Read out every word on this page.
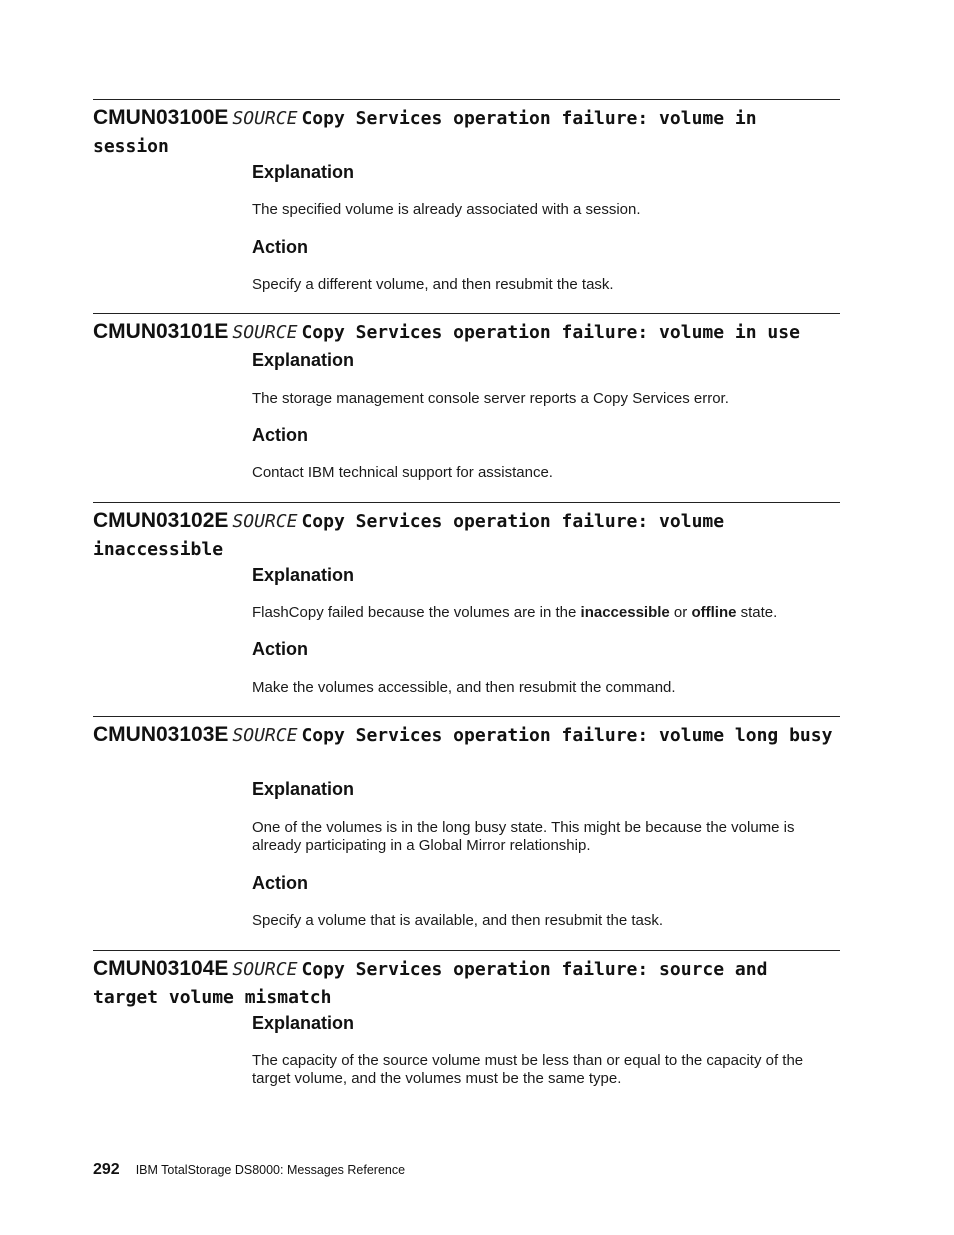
CMUN03100E SOURCE Copy Services operation failure: volume in session
Explanation
The specified volume is already associated with a session.
Action
Specify a different volume, and then resubmit the task.
CMUN03101E SOURCE Copy Services operation failure: volume in use
Explanation
The storage management console server reports a Copy Services error.
Action
Contact IBM technical support for assistance.
CMUN03102E SOURCE Copy Services operation failure: volume inaccessible
Explanation
FlashCopy failed because the volumes are in the inaccessible or offline state.
Action
Make the volumes accessible, and then resubmit the command.
CMUN03103E SOURCE Copy Services operation failure: volume long busy
Explanation
One of the volumes is in the long busy state. This might be because the volume is already participating in a Global Mirror relationship.
Action
Specify a volume that is available, and then resubmit the task.
CMUN03104E SOURCE Copy Services operation failure: source and target volume mismatch
Explanation
The capacity of the source volume must be less than or equal to the capacity of the target volume, and the volumes must be the same type.
292 IBM TotalStorage DS8000: Messages Reference
